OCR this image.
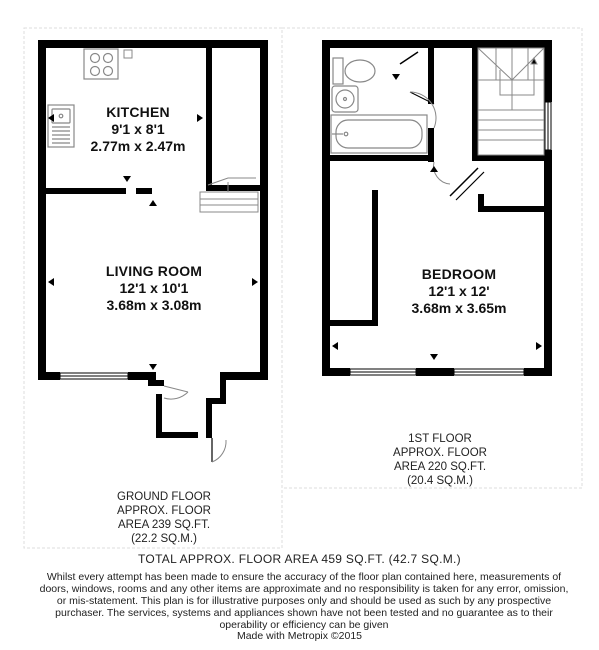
KITCHEN
9'1 x 8'1
2.77m x 2.47m
LIVING ROOM
12'1 x 10'1
3.68m x 3.08m
BEDROOM
12'1 x 12'
3.68m x 3.65m
GROUND FLOOR
APPROX. FLOOR
AREA 239 SQ.FT.
(22.2 SQ.M.)
1ST FLOOR
APPROX. FLOOR
AREA 220 SQ.FT.
(20.4 SQ.M.)
TOTAL APPROX. FLOOR AREA 459 SQ.FT. (42.7 SQ.M.)
Whilst every attempt has been made to ensure the accuracy of the floor plan contained here, measurements of doors, windows, rooms and any other items are approximate and no responsibility is taken for any error, omission, or mis-statement. This plan is for illustrative purposes only and should be used as such by any prospective purchaser. The services, systems and appliances shown have not been tested and no guarantee as to their operability or efficiency can be given
Made with Metropix ©2015
